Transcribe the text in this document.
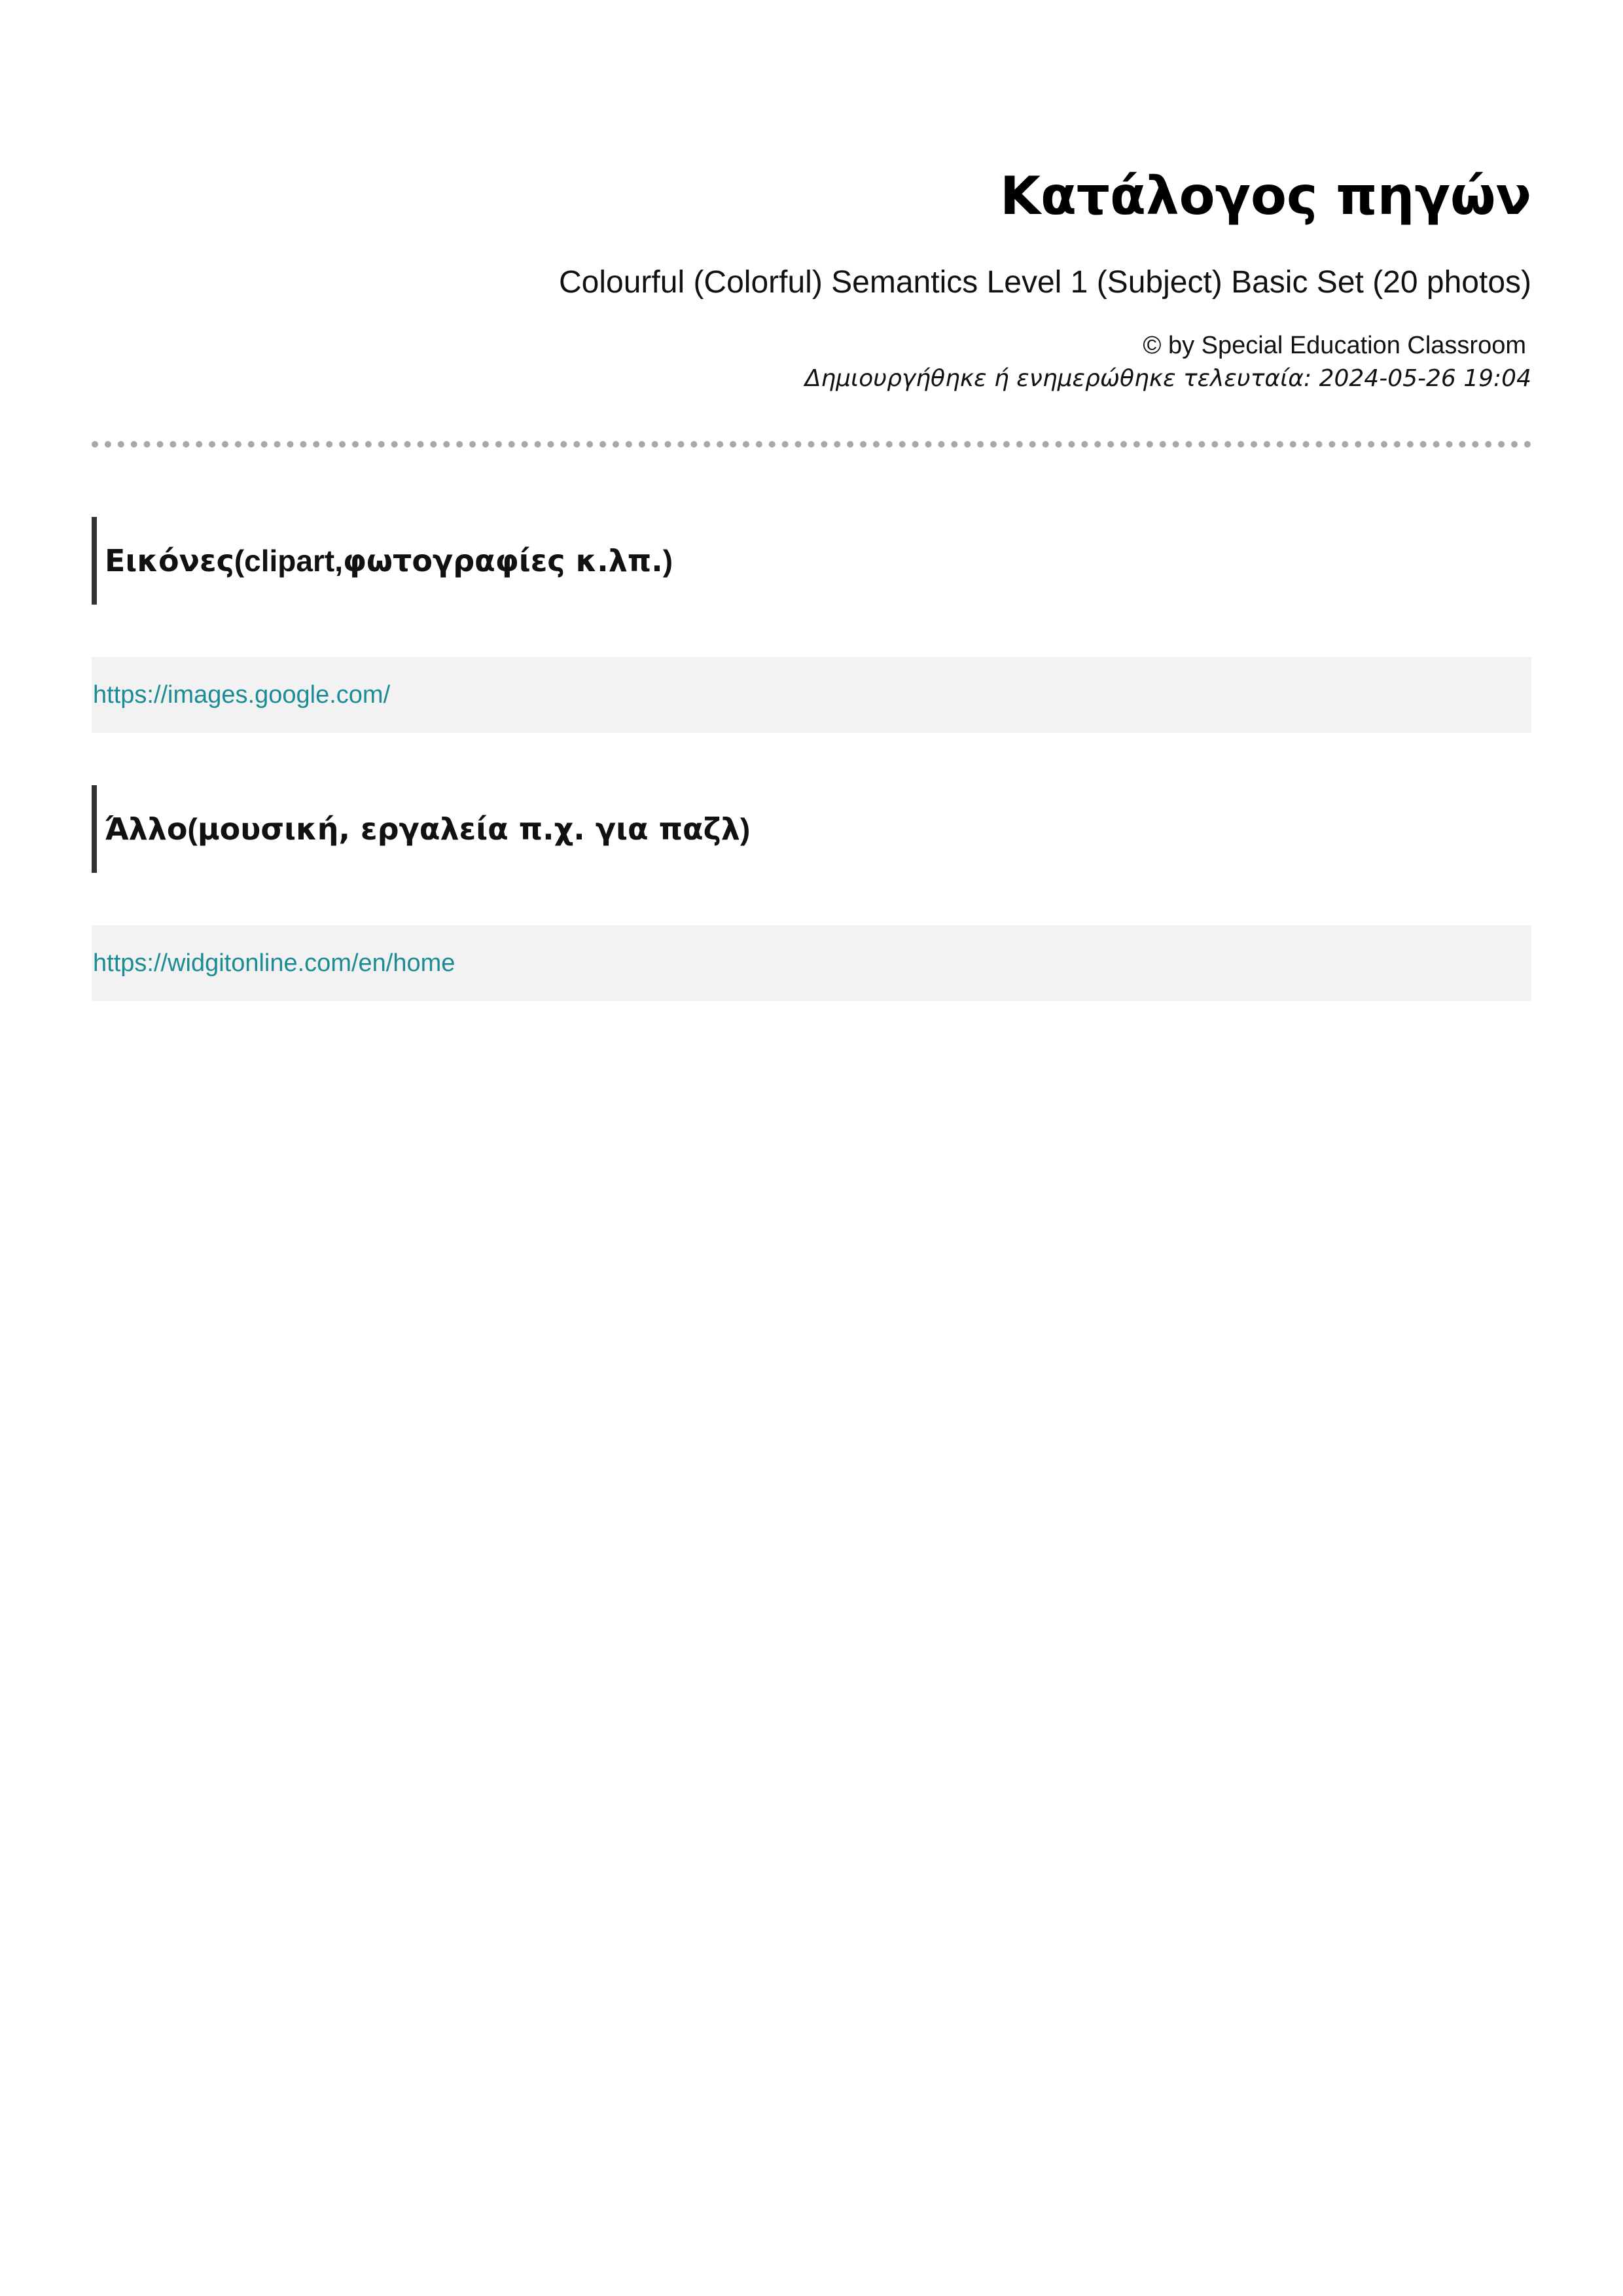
Κατάλογος πηγών
Colourful (Colorful) Semantics Level 1 (Subject) Basic Set (20 photos)
© by Special Education Classroom
Δημιουργήθηκε ή ενημερώθηκε τελευταία: 2024-05-26 19:04
Εικόνες (clipart, φωτογραφίες κ.λπ. )
https://images.google.com/
Άλλο ( μουσική, εργαλεία π.χ. για παζλ )
https://widgitonline.com/en/home
